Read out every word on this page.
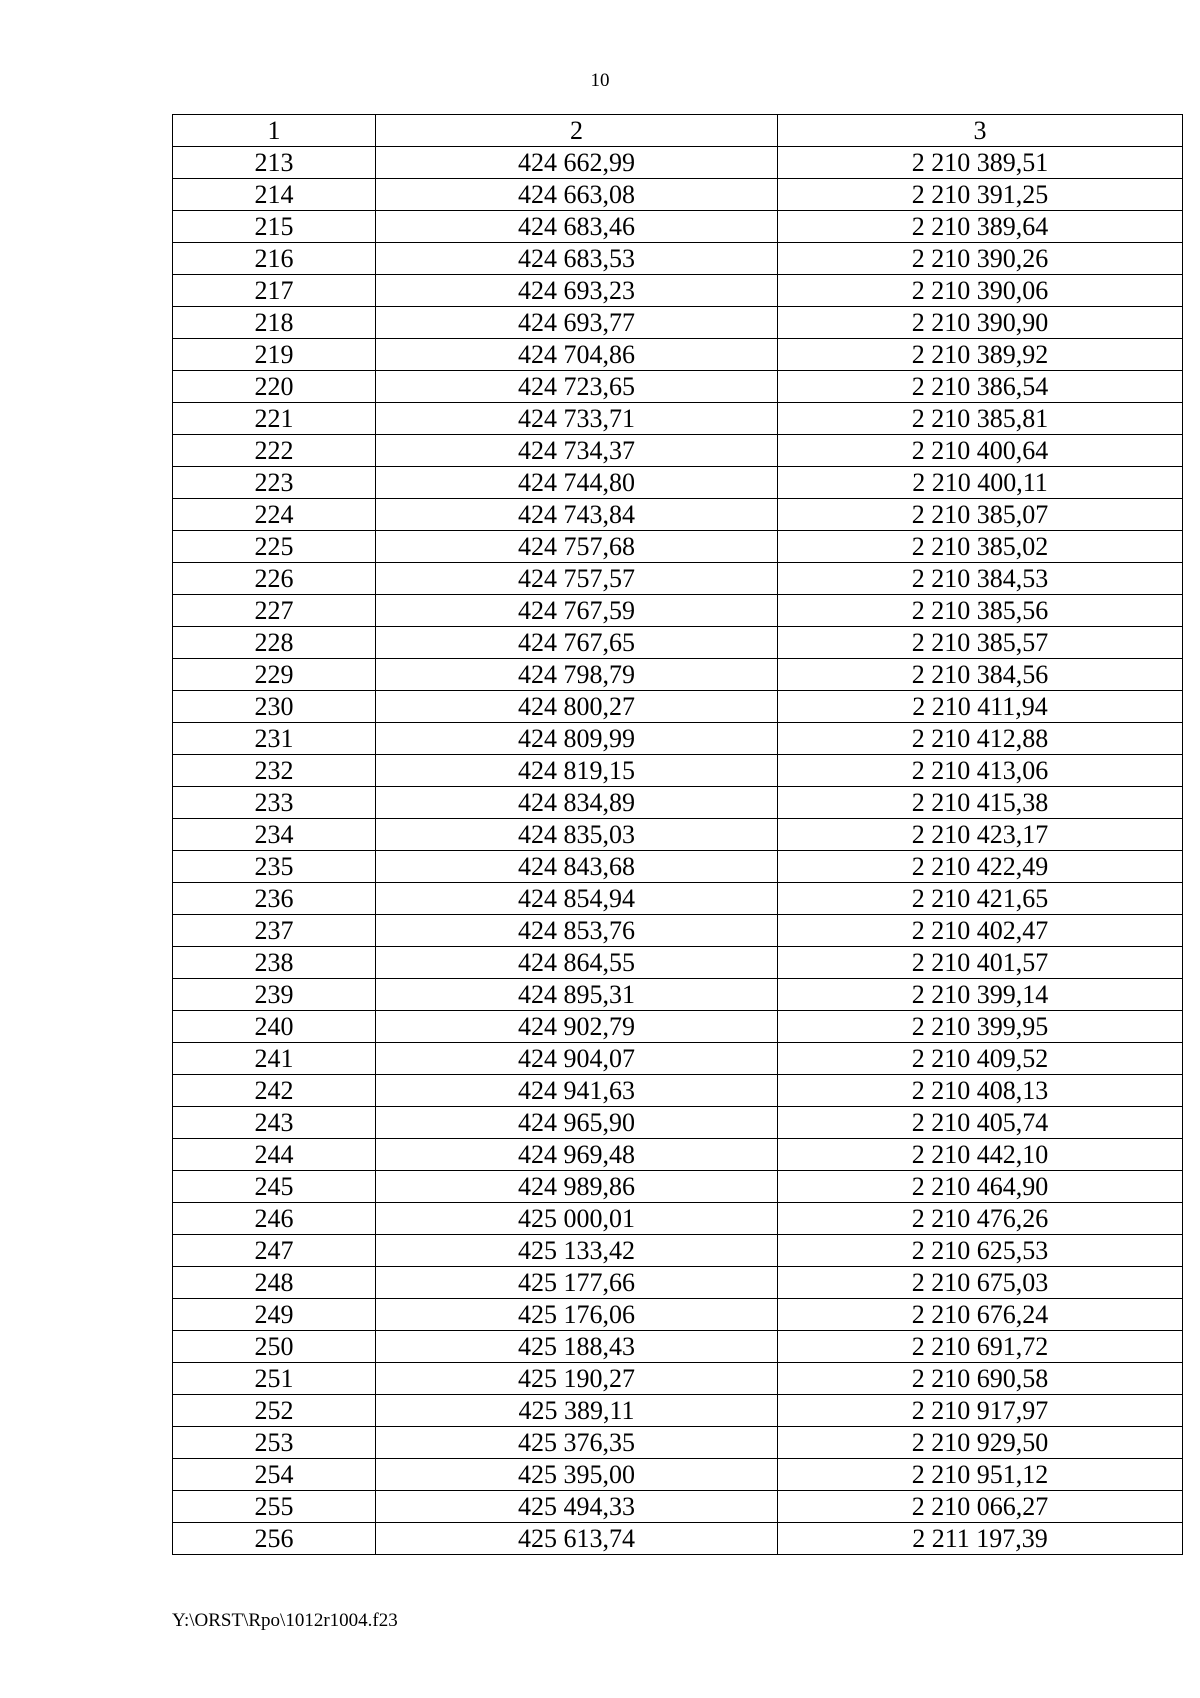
10
1	2	3
213	424 662,99	2 210 389,51
214	424 663,08	2 210 391,25
215	424 683,46	2 210 389,64
216	424 683,53	2 210 390,26
217	424 693,23	2 210 390,06
218	424 693,77	2 210 390,90
219	424 704,86	2 210 389,92
220	424 723,65	2 210 386,54
221	424 733,71	2 210 385,81
222	424 734,37	2 210 400,64
223	424 744,80	2 210 400,11
224	424 743,84	2 210 385,07
225	424 757,68	2 210 385,02
226	424 757,57	2 210 384,53
227	424 767,59	2 210 385,56
228	424 767,65	2 210 385,57
229	424 798,79	2 210 384,56
230	424 800,27	2 210 411,94
231	424 809,99	2 210 412,88
232	424 819,15	2 210 413,06
233	424 834,89	2 210 415,38
234	424 835,03	2 210 423,17
235	424 843,68	2 210 422,49
236	424 854,94	2 210 421,65
237	424 853,76	2 210 402,47
238	424 864,55	2 210 401,57
239	424 895,31	2 210 399,14
240	424 902,79	2 210 399,95
241	424 904,07	2 210 409,52
242	424 941,63	2 210 408,13
243	424 965,90	2 210 405,74
244	424 969,48	2 210 442,10
245	424 989,86	2 210 464,90
246	425 000,01	2 210 476,26
247	425 133,42	2 210 625,53
248	425 177,66	2 210 675,03
249	425 176,06	2 210 676,24
250	425 188,43	2 210 691,72
251	425 190,27	2 210 690,58
252	425 389,11	2 210 917,97
253	425 376,35	2 210 929,50
254	425 395,00	2 210 951,12
255	425 494,33	2 210 066,27
256	425 613,74	2 211 197,39
Y:\ORST\Rpo\1012r1004.f23
